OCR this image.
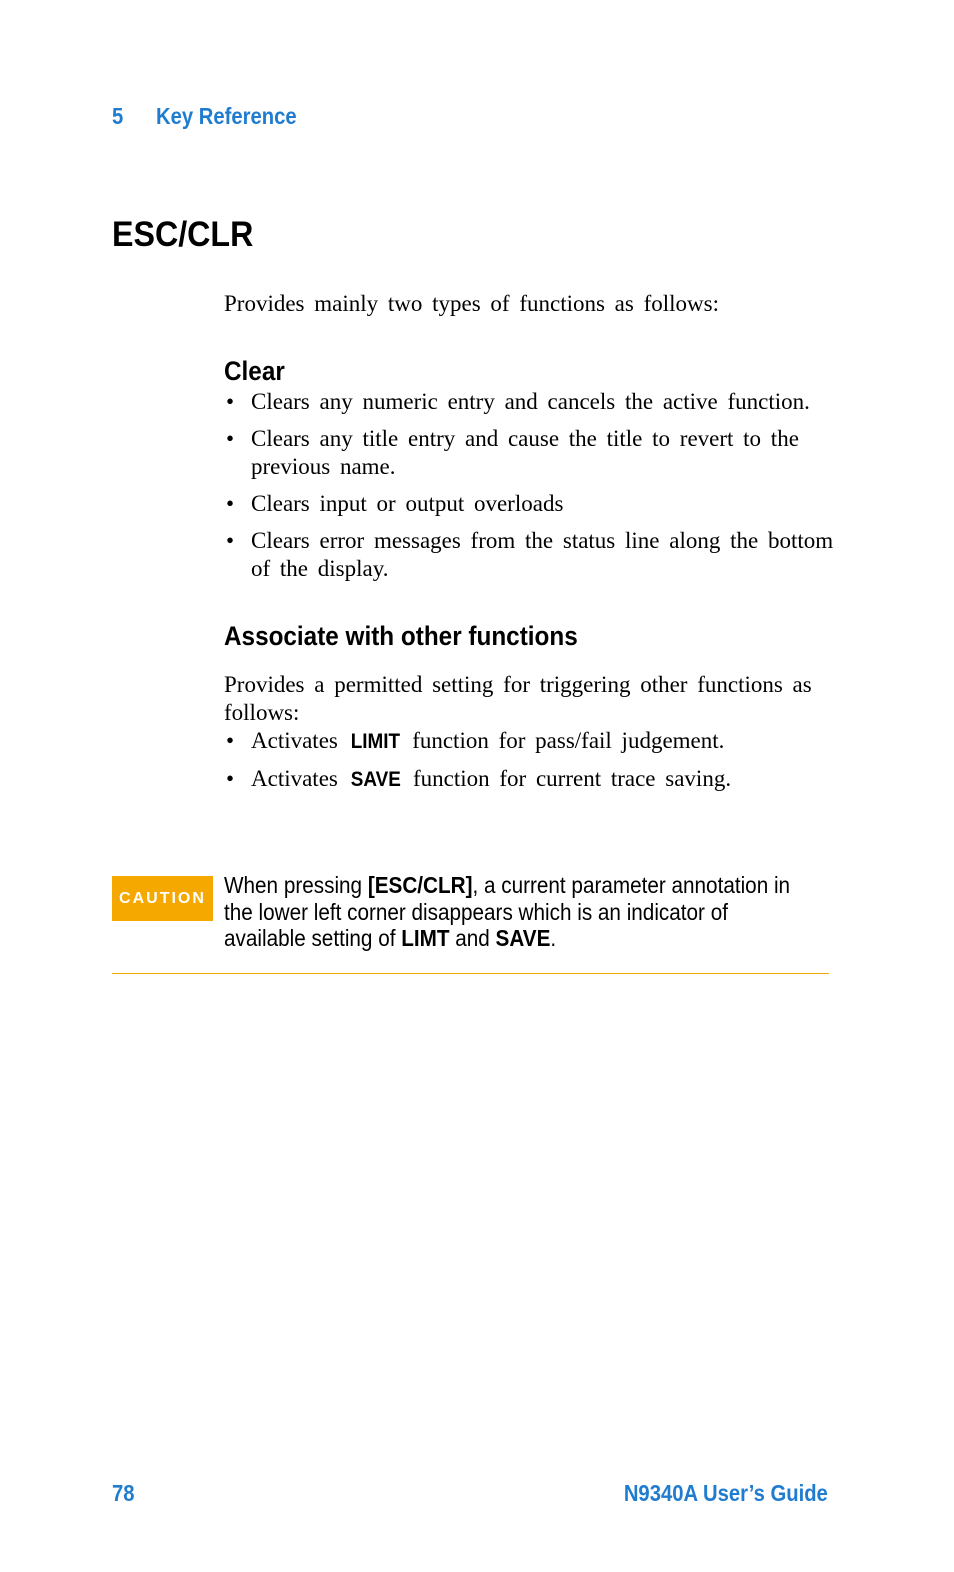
5 Key Reference
ESC/CLR

Provides mainly two types of functions as follows:

Clear
• Clears any numeric entry and cancels the active function.
• Clears any title entry and cause the title to revert to the previous name.
• Clears input or output overloads
• Clears error messages from the status line along the bottom of the display.
Associate with other functions

Provides a permitted setting for triggering other functions as follows:

• Activates LIMIT function for pass/fail judgement.
• Activates SAVE function for current trace saving.
CAUTION

When pressing [ESC/CLR], a current parameter annotation in the lower left corner disappears which is an indicator of available setting of LIMT and SAVE.

78	N9340A User’s Guide
